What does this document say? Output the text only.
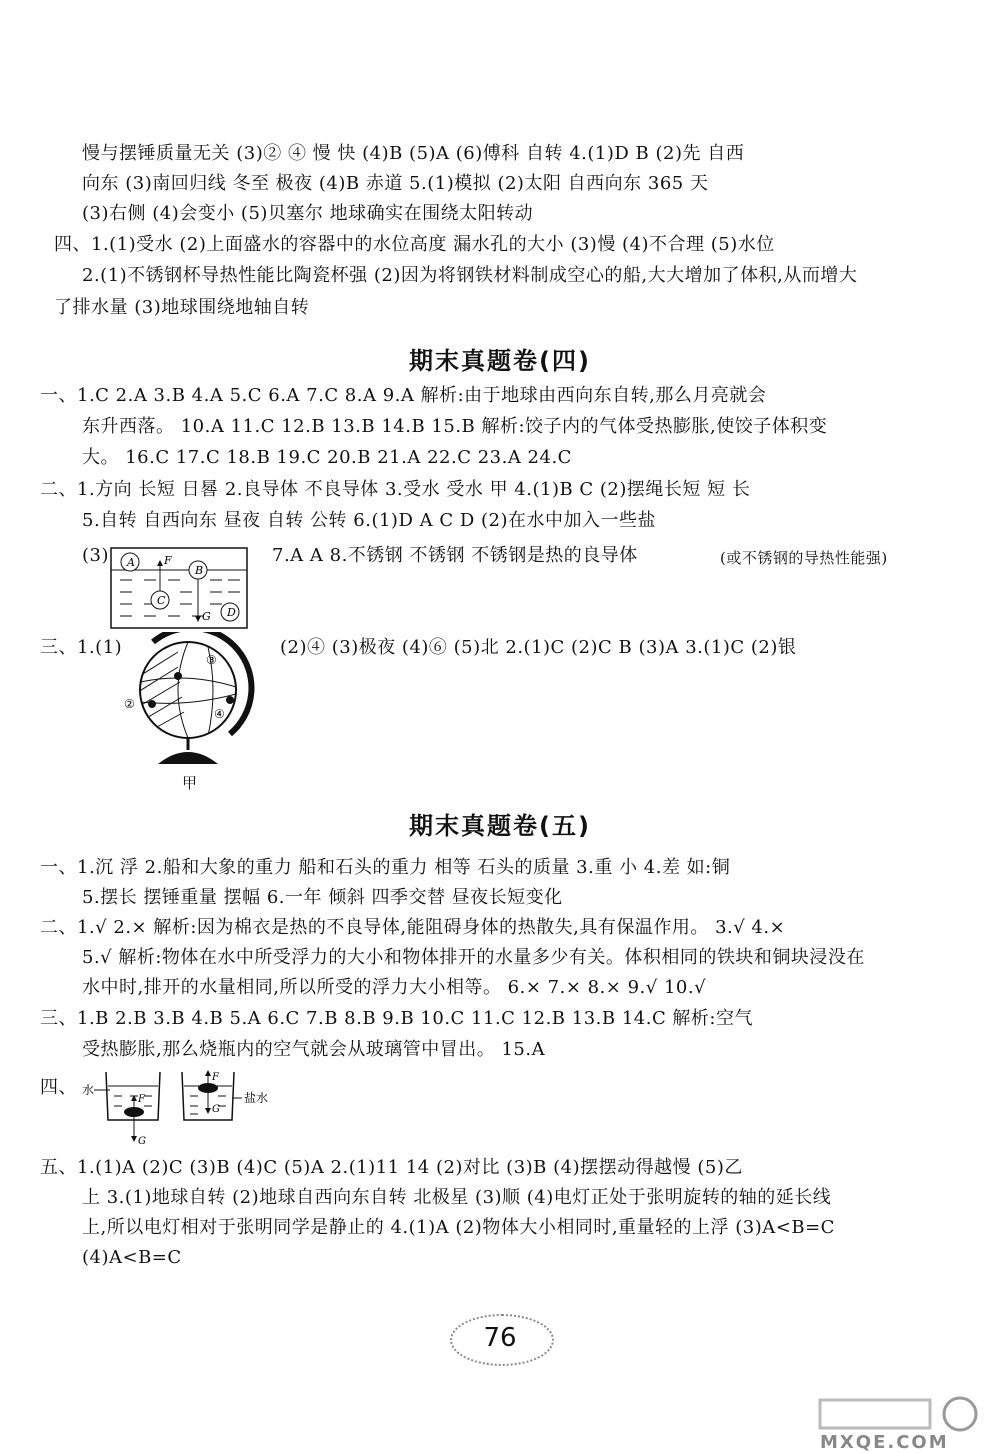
慢与摆锤质量无关 (3)② ④ 慢 快 (4)B (5)A (6)傅科 自转 4.(1)D B (2)先 自西
向东 (3)南回归线 冬至 极夜 (4)B 赤道 5.(1)模拟 (2)太阳 自西向东 365 天
(3)右侧 (4)会变小 (5)贝塞尔 地球确实在围绕太阳转动
四、1.(1)受水 (2)上面盛水的容器中的水位高度 漏水孔的大小 (3)慢 (4)不合理 (5)水位
2.(1)不锈钢杯导热性能比陶瓷杯强 (2)因为将钢铁材料制成空心的船,大大增加了体积,从而增大
了排水量 (3)地球围绕地轴自转
期末真题卷(四)
一、1.C 2.A 3.B 4.A 5.C 6.A 7.C 8.A 9.A 解析:由于地球由西向东自转,那么月亮就会
东升西落。 10.A 11.C 12.B 13.B 14.B 15.B 解析:饺子内的气体受热膨胀,使饺子体积变
大。 16.C 17.C 18.B 19.C 20.B 21.A 22.C 23.A 24.C
二、1.方向 长短 日晷 2.良导体 不良导体 3.受水 受水 甲 4.(1)B C (2)摆绳长短 短 长
5.自转 自西向东 昼夜 自转 公转 6.(1)D A C D (2)在水中加入一些盐
(3) A
B
C
D
F
G
7.A A 8.不锈钢 不锈钢 不锈钢是热的良导体	(或不锈钢的导热性能强)
三、1.(1)
②
③
④
甲
(2)④ (3)极夜 (4)⑥ (5)北 2.(1)C (2)C B (3)A 3.(1)C (2)银
期末真题卷(五)
一、1.沉 浮 2.船和大象的重力 船和石头的重力 相等 石头的质量 3.重 小 4.差 如:铜
5.摆长 摆锤重量 摆幅 6.一年 倾斜 四季交替 昼夜长短变化
二、1.√ 2.× 解析:因为棉衣是热的不良导体,能阻碍身体的热散失,具有保温作用。 3.√ 4.×
5.√ 解析:物体在水中所受浮力的大小和物体排开的水量多少有关。体积相同的铁块和铜块浸没在
水中时,排开的水量相同,所以所受的浮力大小相等。 6.× 7.× 8.× 9.√ 10.√
三、1.B 2.B 3.B 4.B 5.A 6.C 7.B 8.B 9.B 10.C 11.C 12.B 13.B 14.C 解析:空气
受热膨胀,那么烧瓶内的空气就会从玻璃管中冒出。 15.A
四、 水
F
G
盐水
F
G
五、1.(1)A (2)C (3)B (4)C (5)A 2.(1)11 14 (2)对比 (3)B (4)摆摆动得越慢 (5)乙
上 3.(1)地球自转 (2)地球自西向东自转 北极星 (3)顺 (4)电灯正处于张明旋转的轴的延长线
上,所以电灯相对于张明同学是静止的 4.(1)A (2)物体大小相同时,重量轻的上浮 (3)A<B=C
(4)A<B=C
76
MXQE.COM
